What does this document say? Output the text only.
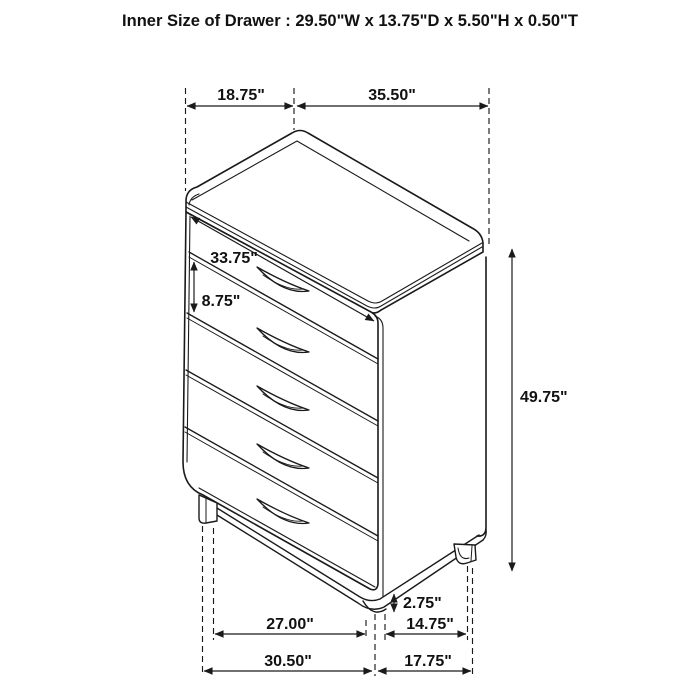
18.75"	35.50"
33.75"
8.75"
49.75"
2.75"
27.00"	14.75"
30.50"	17.75"
Inner Size of Drawer : 29.50"W x 13.75"D x 5.50"H x 0.50"T
